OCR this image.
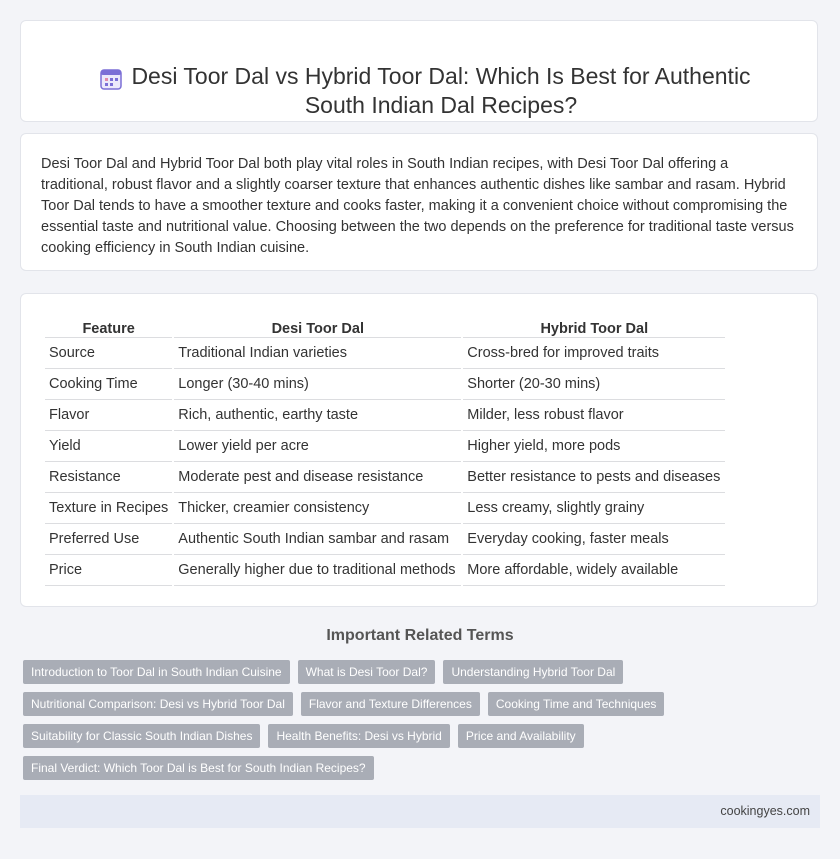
Desi Toor Dal vs Hybrid Toor Dal: Which Is Best for Authentic South Indian Dal Recipes?

Desi Toor Dal and Hybrid Toor Dal both play vital roles in South Indian recipes, with Desi Toor Dal offering a traditional, robust flavor and a slightly coarser texture that enhances authentic dishes like sambar and rasam. Hybrid Toor Dal tends to have a smoother texture and cooks faster, making it a convenient choice without compromising the essential taste and nutritional value. Choosing between the two depends on the preference for traditional taste versus cooking efficiency in South Indian cuisine.

Feature	Desi Toor Dal	Hybrid Toor Dal
Source	Traditional Indian varieties	Cross-bred for improved traits
Cooking Time	Longer (30-40 mins)	Shorter (20-30 mins)
Flavor	Rich, authentic, earthy taste	Milder, less robust flavor
Yield	Lower yield per acre	Higher yield, more pods
Resistance	Moderate pest and disease resistance	Better resistance to pests and diseases
Texture in Recipes	Thicker, creamier consistency	Less creamy, slightly grainy
Preferred Use	Authentic South Indian sambar and rasam	Everyday cooking, faster meals
Price	Generally higher due to traditional methods	More affordable, widely available
Important Related Terms
Introduction to Toor Dal in South Indian Cuisine	What is Desi Toor Dal?	Understanding Hybrid Toor Dal
Nutritional Comparison: Desi vs Hybrid Toor Dal	Flavor and Texture Differences	Cooking Time and Techniques
Suitability for Classic South Indian Dishes	Health Benefits: Desi vs Hybrid	Price and Availability
Final Verdict: Which Toor Dal is Best for South Indian Recipes?
cookingyes.com
